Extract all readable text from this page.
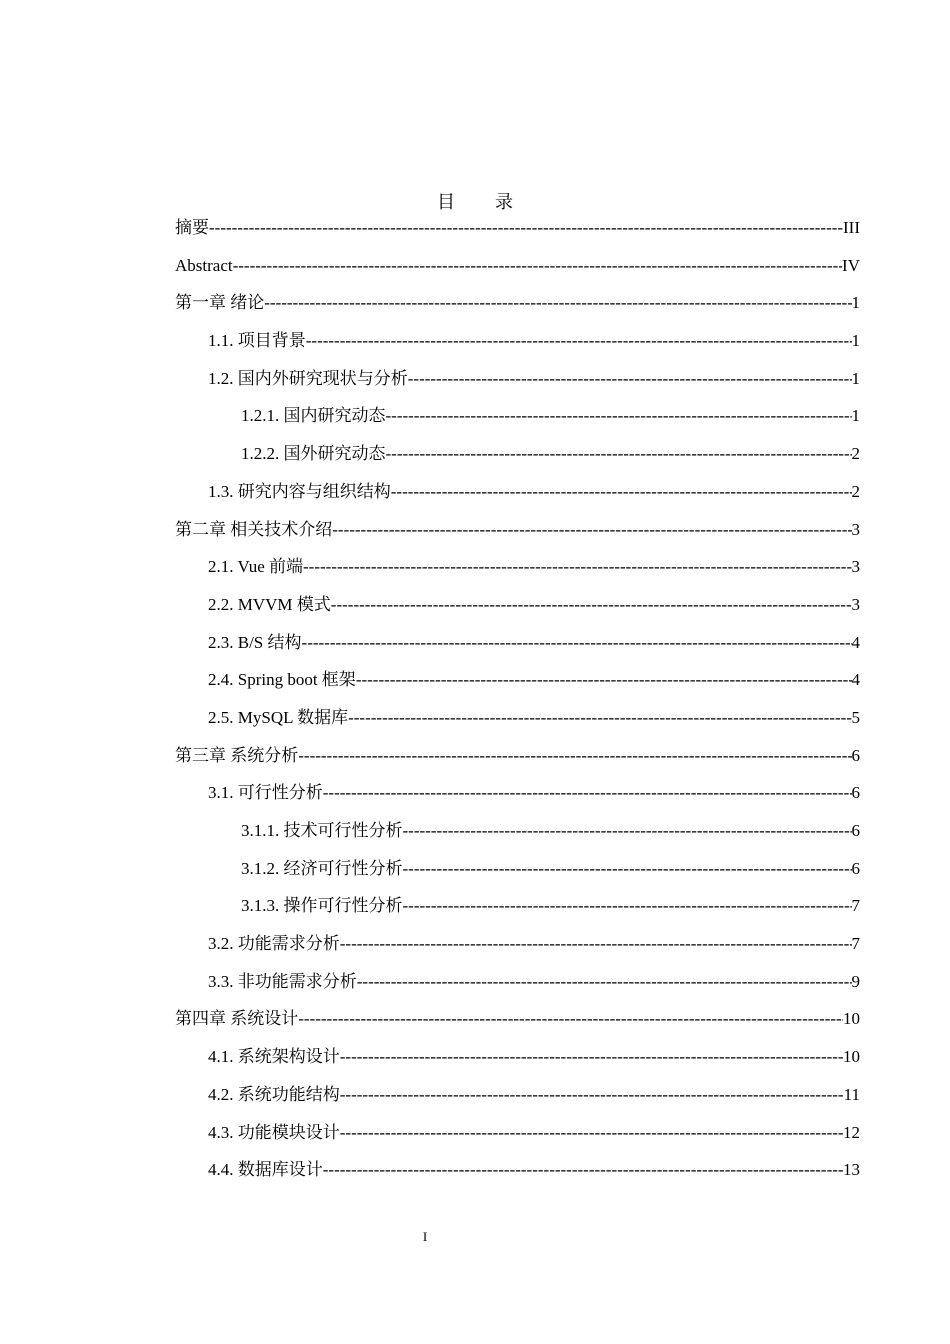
目 录
摘要 -----	III
Abstract -----	IV
第一章 绪论 -----	1
1.1. 项目背景 -----	1
1.2. 国内外研究现状与分析 -----	1
1.2.1. 国内研究动态 -----	1
1.2.2. 国外研究动态 -----	2
1.3. 研究内容与组织结构 -----	2
第二章 相关技术介绍 -----	3
2.1. Vue 前端 -----	3
2.2. MVVM 模式 -----	3
2.3. B/S 结构 -----	4
2.4. Spring boot 框架 -----	4
2.5. MySQL 数据库 -----	5
第三章 系统分析 -----	6
3.1. 可行性分析 -----	6
3.1.1. 技术可行性分析 -----	6
3.1.2. 经济可行性分析 -----	6
3.1.3. 操作可行性分析 -----	7
3.2. 功能需求分析 -----	7
3.3. 非功能需求分析 -----	9
第四章 系统设计 -----	10
4.1. 系统架构设计 -----	10
4.2. 系统功能结构 -----	11
4.3. 功能模块设计 -----	12
4.4. 数据库设计 -----	13
I
